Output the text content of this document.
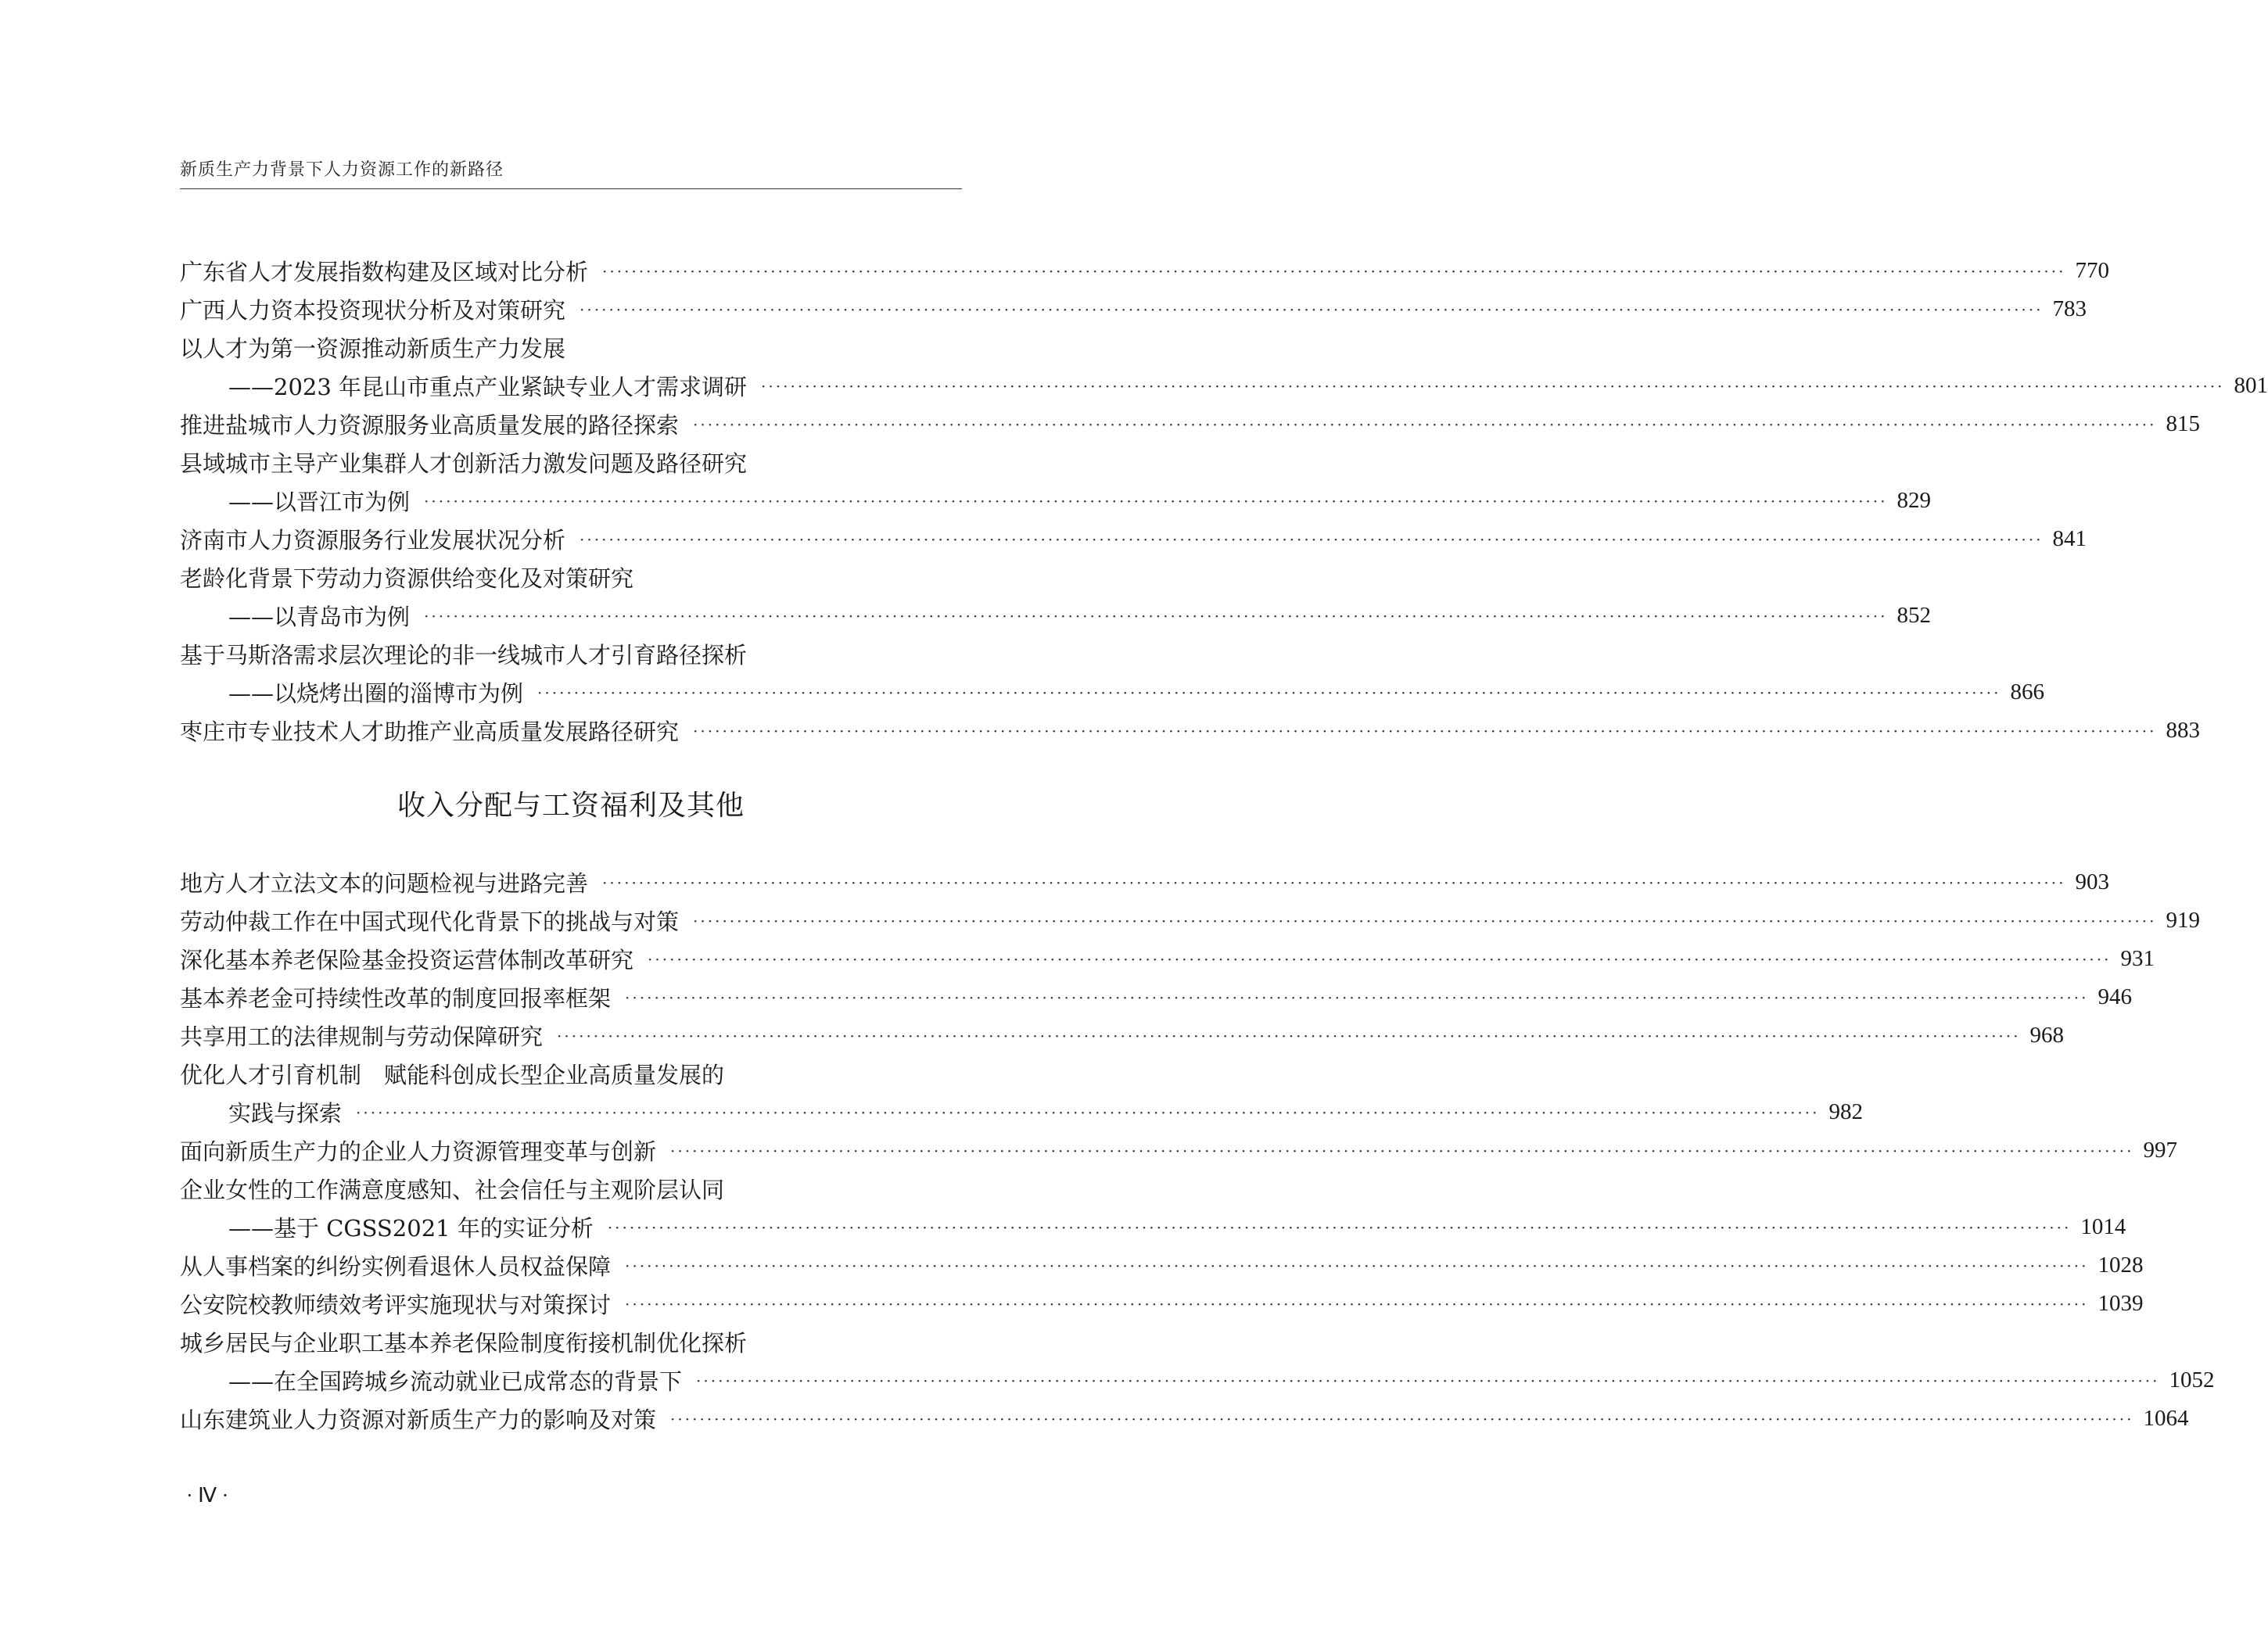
新质生产力背景下人力资源工作的新路径
广东省人才发展指数构建及区域对比分析 ········································································································································································································ 770
广西人力资本投资现状分析及对策研究 ········································································································································································································ 783
以人才为第一资源推动新质生产力发展
——2023 年昆山市重点产业紧缺专业人才需求调研 ········································································································································································································ 801
推进盐城市人力资源服务业高质量发展的路径探索 ········································································································································································································ 815
县域城市主导产业集群人才创新活力激发问题及路径研究
——以晋江市为例 ········································································································································································································ 829
济南市人力资源服务行业发展状况分析 ········································································································································································································ 841
老龄化背景下劳动力资源供给变化及对策研究
——以青岛市为例 ········································································································································································································ 852
基于马斯洛需求层次理论的非一线城市人才引育路径探析
——以烧烤出圈的淄博市为例 ········································································································································································································ 866
枣庄市专业技术人才助推产业高质量发展路径研究 ········································································································································································································ 883
收入分配与工资福利及其他
地方人才立法文本的问题检视与进路完善 ········································································································································································································ 903
劳动仲裁工作在中国式现代化背景下的挑战与对策 ········································································································································································································ 919
深化基本养老保险基金投资运营体制改革研究 ········································································································································································································ 931
基本养老金可持续性改革的制度回报率框架 ········································································································································································································ 946
共享用工的法律规制与劳动保障研究 ········································································································································································································ 968
优化人才引育机制　赋能科创成长型企业高质量发展的
实践与探索 ········································································································································································································ 982
面向新质生产力的企业人力资源管理变革与创新 ········································································································································································································ 997
企业女性的工作满意度感知、社会信任与主观阶层认同
——基于 CGSS2021 年的实证分析 ········································································································································································································ 1014
从人事档案的纠纷实例看退休人员权益保障 ········································································································································································································ 1028
公安院校教师绩效考评实施现状与对策探讨 ········································································································································································································ 1039
城乡居民与企业职工基本养老保险制度衔接机制优化探析
——在全国跨城乡流动就业已成常态的背景下 ········································································································································································································ 1052
山东建筑业人力资源对新质生产力的影响及对策 ········································································································································································································ 1064
· Ⅳ ·
